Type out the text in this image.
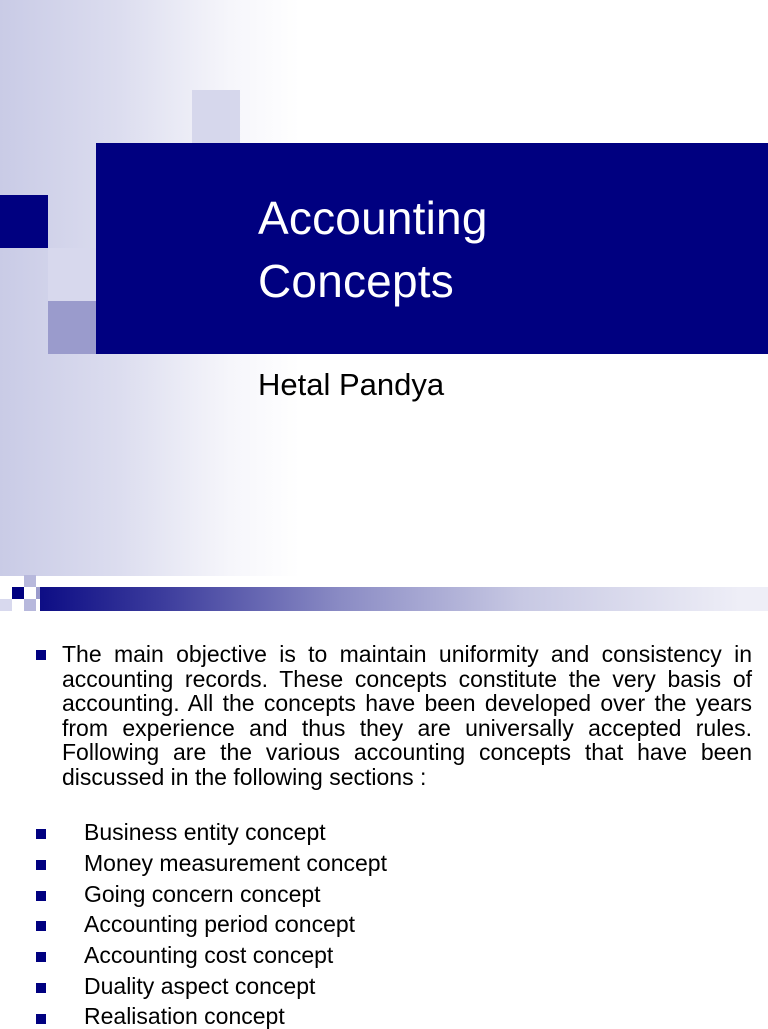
Accounting
Concepts
Hetal Pandya
The main objective is to maintain uniformity and consistency in accounting records. These concepts constitute the very basis of accounting. All the concepts have been developed over the years from experience and thus they are universally accepted rules. Following are the various accounting concepts that have been discussed in the following sections :
Business entity concept
Money measurement concept
Going concern concept
Accounting period concept
Accounting cost concept
Duality aspect concept
Realisation concept
